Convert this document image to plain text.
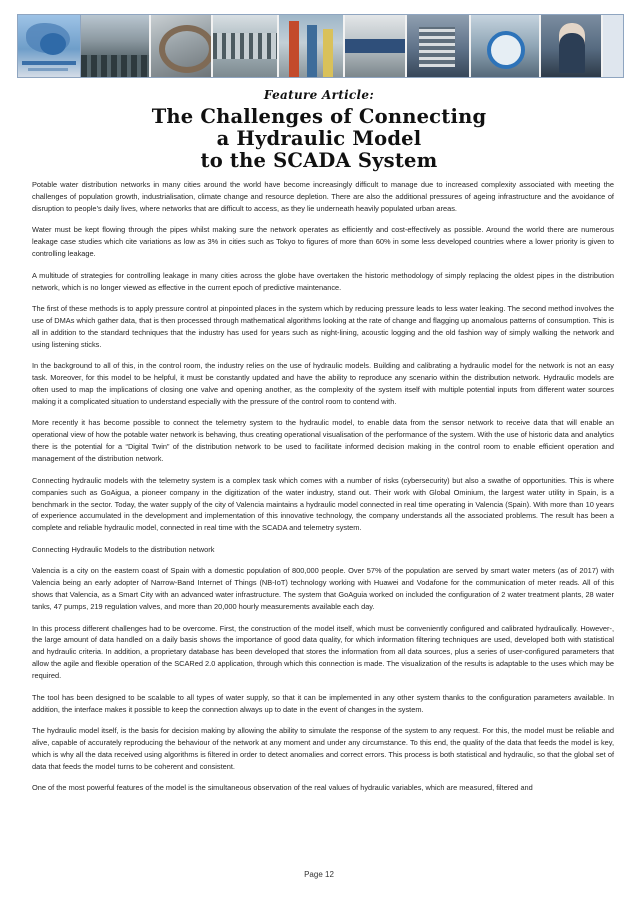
Feature Article:
The Challenges of Connecting
a Hydraulic Model
to the SCADA System

Potable water distribution networks in many cities around the world have become increasingly difficult to manage due to increased complexity associated with meeting the challenges of population growth, industrialisation, climate change and resource depletion. There are also the additional pressures of ageing infrastructure and the avoidance of disruption to people’s daily lives, where networks that are difficult to access, as they lie underneath heavily populated urban areas.

Water must be kept flowing through the pipes whilst making sure the network operates as efficiently and cost-effectively as possible. Around the world there are numerous leakage case studies which cite variations as low as 3% in cities such as Tokyo to figures of more than 60% in some less developed countries where a lower priority is given to controlling leakage.

A multitude of strategies for controlling leakage in many cities across the globe have overtaken the historic methodology of simply replacing the oldest pipes in the distribution network, which is no longer viewed as effective in the current epoch of predictive maintenance.

The first of these methods is to apply pressure control at pinpointed places in the system which by reducing pressure leads to less water leaking. The second method involves the use of DMAs which gather data, that is then processed through mathematical algorithms looking at the rate of change and flagging up anomalous patterns of consumption. This is all in addition to the standard techniques that the industry has used for years such as night-lining, acoustic logging and the old fashion way of simply walking the network and using listening sticks.

In the background to all of this, in the control room, the industry relies on the use of hydraulic models. Building and calibrating a hydraulic model for the network is not an easy task. Moreover, for this model to be helpful, it must be constantly updated and have the ability to reproduce any scenario within the distribution network. Hydraulic models are often used to map the implications of closing one valve and opening another, as the complexity of the system itself with multiple potential inputs from different water sources making it a complicated situation to understand especially with the pressure of the control room to contend with.

More recently it has become possible to connect the telemetry system to the hydraulic model, to enable data from the sensor network to receive data that will enable an operational view of how the potable water network is behaving, thus creating operational visualisation of the performance of the system. With the use of historic data and analytics there is the potential for a “Digital Twin” of the distribution network to be used to facilitate informed decision making in the control room to enable efficient operation and management of the distribution network.

Connecting hydraulic models with the telemetry system is a complex task which comes with a number of risks (cybersecurity) but also a swathe of opportunities. This is where companies such as GoAigua, a pioneer company in the digitization of the water industry, stand out. Their work with Global Ominium, the largest water utility in Spain, is a benchmark in the sector. Today, the water supply of the city of Valencia maintains a hydraulic model connected in real time operating in Valencia (Spain). With more than 10 years of experience accumulated in the development and implementation of this innovative technology, the company understands all the associated problems. The result has been a complete and reliable hydraulic model, connected in real time with the SCADA and telemetry system.

Connecting Hydraulic Models to the distribution network

Valencia is a city on the eastern coast of Spain with a domestic population of 800,000 people. Over 57% of the population are served by smart water meters (as of 2017) with Valencia being an early adopter of Narrow-Band Internet of Things (NB-IoT) technology working with Huawei and Vodafone for the communication of meter reads. All of this shows that Valencia, as a Smart City with an advanced water infrastructure. The system that GoAguia worked on included the configuration of 2 water treatment plants, 28 water tanks, 47 pumps, 219 regulation valves, and more than 20,000 hourly measurements available each day.

In this process different challenges had to be overcome. First, the construction of the model itself, which must be conveniently configured and calibrated hydraulically. However-, the large amount of data handled on a daily basis shows the importance of good data quality, for which information filtering techniques are used, developed both with statistical and hydraulic criteria. In addition, a proprietary database has been developed that stores the information from all data sources, plus a series of user-configured parameters that allow the agile and flexible operation of the SCARed 2.0 application, through which this connection is made. The visualization of the results is adaptable to the uses which may be required.

The tool has been designed to be scalable to all types of water supply, so that it can be implemented in any other system thanks to the configuration parameters available. In addition, the interface makes it possible to keep the connection always up to date in the event of changes in the system.

The hydraulic model itself, is the basis for decision making by allowing the ability to simulate the response of the system to any request. For this, the model must be reliable and alive, capable of accurately reproducing the behaviour of the network at any moment and under any circumstance. To this end, the quality of the data that feeds the model is key, which is why all the data received using algorithms is filtered in order to detect anomalies and correct errors. This process is both statistical and hydraulic, so that the global set of data that feeds the model turns to be coherent and consistent.

One of the most powerful features of the model is the simultaneous observation of the real values of hydraulic variables, which are measured, filtered and

Page 12
